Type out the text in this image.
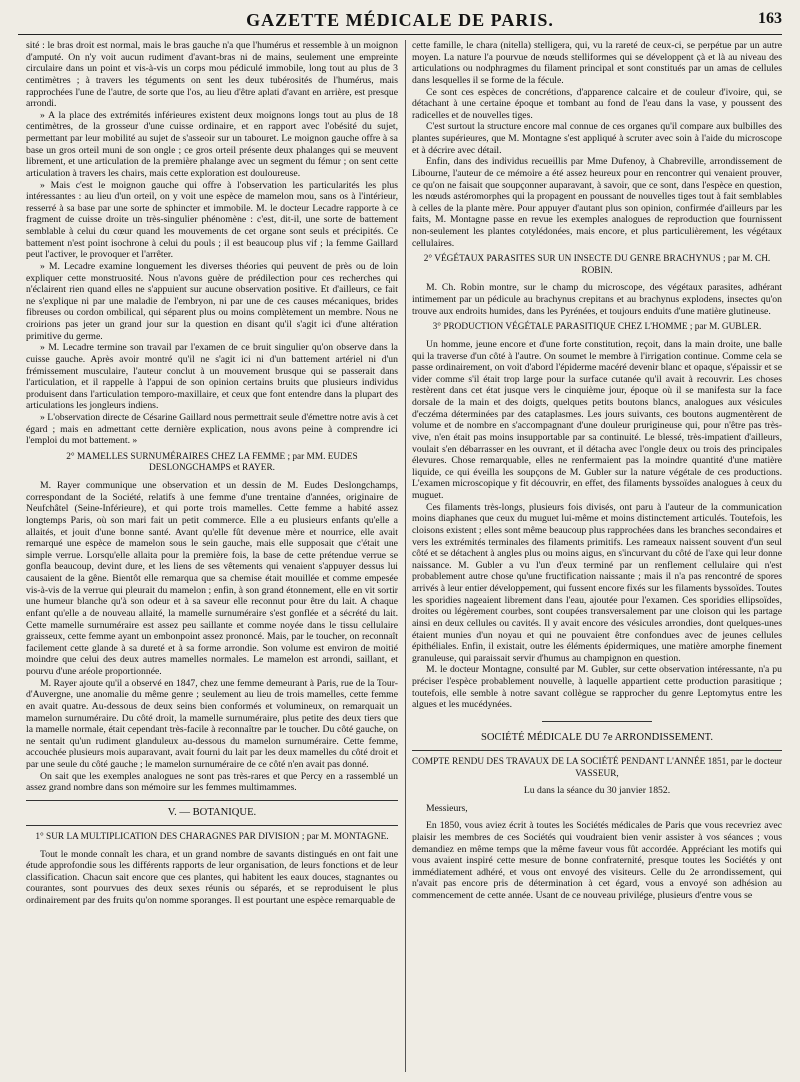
GAZETTE MÉDICALE DE PARIS.	163

sité : le bras droit est normal, mais le bras gauche n'a que l'humérus et ressemble à un moignon d'amputé. On n'y voit aucun rudiment d'avant-bras ni de mains, seulement une empreinte circulaire dans un point et vis-à-vis un corps mou pédiculé immobile, long tout au plus de 3 centimètres ; à travers les téguments on sent les deux tubérosités de l'humérus, mais rapprochées l'une de l'autre, de sorte que l'os, au lieu d'être aplati d'avant en arrière, est presque arrondi.

» A la place des extrémités inférieures existent deux moignons longs tout au plus de 18 centimètres, de la grosseur d'une cuisse ordinaire, et en rapport avec l'obésité du sujet, permettant par leur mobilité au sujet de s'asseoir sur un tabouret. Le moignon gauche offre à sa base un gros orteil muni de son ongle ; ce gros orteil présente deux phalanges qui se meuvent librement, et une articulation de la première phalange avec un segment du fémur ; on sent cette articulation à travers les chairs, mais cette exploration est douloureuse.

» Mais c'est le moignon gauche qui offre à l'observation les particularités les plus intéressantes : au lieu d'un orteil, on y voit une espèce de mamelon mou, sans os à l'intérieur, resserré à sa base par une sorte de sphincter et immobile. M. le docteur Lecadre rapporte à ce fragment de cuisse droite un très-singulier phénomène : c'est, dit-il, une sorte de battement semblable à celui du cœur quand les mouvements de cet organe sont seuls et précipités. Ce battement n'est point isochrone à celui du pouls ; il est beaucoup plus vif ; la femme Gaillard peut l'activer, le provoquer et l'arrêter.

» M. Lecadre examine longuement les diverses théories qui peuvent de près ou de loin expliquer cette monstruosité. Nous n'avons guère de prédilection pour ces recherches qui n'éclairent rien quand elles ne s'appuient sur aucune observation positive. Et d'ailleurs, ce fait ne s'explique ni par une maladie de l'embryon, ni par une de ces causes mécaniques, brides fibreuses ou cordon ombilical, qui séparent plus ou moins complètement un membre. Nous ne croirions pas jeter un grand jour sur la question en disant qu'il s'agit ici d'une altération primitive du germe.

» M. Lecadre termine son travail par l'examen de ce bruit singulier qu'on observe dans la cuisse gauche. Après avoir montré qu'il ne s'agit ici ni d'un battement artériel ni d'un frémissement musculaire, l'auteur conclut à un mouvement brusque qui se passerait dans l'articulation, et il rappelle à l'appui de son opinion certains bruits que plusieurs individus produisent dans l'articulation temporo-maxillaire, et ceux que font entendre dans la plupart des articulations les jongleurs indiens.

» L'observation directe de Césarine Gaillard nous permettrait seule d'émettre notre avis à cet égard ; mais en admettant cette dernière explication, nous avons peine à comprendre ici l'emploi du mot battement. »

2° MAMELLES SURNUMÉRAIRES CHEZ LA FEMME ; par MM. EUDES DESLONGCHAMPS et RAYER.

M. Rayer communique une observation et un dessin de M. Eudes Deslongchamps, correspondant de la Société, relatifs à une femme d'une trentaine d'années, originaire de Neufchâtel (Seine-Inférieure), et qui porte trois mamelles. Cette femme a habité assez longtemps Paris, où son mari fait un petit commerce. Elle a eu plusieurs enfants qu'elle a allaités, et jouit d'une bonne santé. Avant qu'elle fût devenue mère et nourrice, elle avait remarqué une espèce de mamelon sous le sein gauche, mais elle supposait que c'était une simple verrue. Lorsqu'elle allaita pour la première fois, la base de cette prétendue verrue se gonfla beaucoup, devint dure, et les liens de ses vêtements qui venaient s'appuyer dessus lui causaient de la gêne. Bientôt elle remarqua que sa chemise était mouillée et comme empesée vis-à-vis de la verrue qui pleurait du mamelon ; enfin, à son grand étonnement, elle en vit sortir une humeur blanche qu'à son odeur et à sa saveur elle reconnut pour être du lait. A chaque enfant qu'elle a de nouveau allaité, la mamelle surnuméraire s'est gonflée et a sécrété du lait. Cette mamelle surnuméraire est assez peu saillante et comme noyée dans le tissu cellulaire graisseux, cette femme ayant un embonpoint assez prononcé. Mais, par le toucher, on reconnaît facilement cette glande à sa dureté et à sa forme arrondie. Son volume est environ de moitié moindre que celui des deux autres mamelles normales. Le mamelon est arrondi, saillant, et pourvu d'une aréole proportionnée.

M. Rayer ajoute qu'il a observé en 1847, chez une femme demeurant à Paris, rue de la Tour-d'Auvergne, une anomalie du même genre ; seulement au lieu de trois mamelles, cette femme en avait quatre. Au-dessous de deux seins bien conformés et volumineux, on remarquait un mamelon surnuméraire. Du côté droit, la mamelle surnuméraire, plus petite des deux tiers que la mamelle normale, était cependant très-facile à reconnaître par le toucher. Du côté gauche, on ne sentait qu'un rudiment glanduleux au-dessous du mamelon surnuméraire. Cette femme, accouchée plusieurs mois auparavant, avait fourni du lait par les deux mamelles du côté droit et par une seule du côté gauche ; le mamelon surnuméraire de ce côté n'en avait pas donné.

On sait que les exemples analogues ne sont pas très-rares et que Percy en a rassemblé un assez grand nombre dans son mémoire sur les femmes multimammes.

V. — BOTANIQUE.
1° SUR LA MULTIPLICATION DES CHARAGNES PAR DIVISION ; par M. MONTAGNE.

Tout le monde connaît les chara, et un grand nombre de savants distingués en ont fait une étude approfondie sous les différents rapports de leur organisation, de leurs fonctions et de leur classification. Chacun sait encore que ces plantes, qui habitent les eaux douces, stagnantes ou courantes, sont pourvues des deux sexes réunis ou séparés, et se reproduisent le plus ordinairement par des fruits qu'on nomme sporanges. Il est pourtant une espèce remarquable de

cette famille, le chara (nitella) stelligera, qui, vu la rareté de ceux-ci, se perpétue par un autre moyen. La nature l'a pourvue de nœuds stelliformes qui se développent çà et là au niveau des articulations ou nodphragmes du filament principal et sont constitués par un amas de cellules dans lesquelles il se forme de la fécule.

Ce sont ces espèces de concrétions, d'apparence calcaire et de couleur d'ivoire, qui, se détachant à une certaine époque et tombant au fond de l'eau dans la vase, y poussent des radicelles et de nouvelles tiges.

C'est surtout la structure encore mal connue de ces organes qu'il compare aux bulbilles des plantes supérieures, que M. Montagne s'est appliqué à scruter avec soin à l'aide du microscope et à décrire avec détail.

Enfin, dans des individus recueillis par Mme Dufenoy, à Chabreville, arrondissement de Libourne, l'auteur de ce mémoire a été assez heureux pour en rencontrer qui venaient prouver, ce qu'on ne faisait que soupçonner auparavant, à savoir, que ce sont, dans l'espèce en question, les nœuds astéromorphes qui la propagent en poussant de nouvelles tiges tout à fait semblables à celles de la plante mère. Pour appuyer d'autant plus son opinion, confirmée d'ailleurs par les faits, M. Montagne passe en revue les exemples analogues de reproduction que fournissent non-seulement les plantes cotylédonées, mais encore, et plus particulièrement, les végétaux cellulaires.

2° VÉGÉTAUX PARASITES SUR UN INSECTE DU GENRE BRACHYNUS ; par M. CH. ROBIN.

M. Ch. Robin montre, sur le champ du microscope, des végétaux parasites, adhérant intimement par un pédicule au brachynus crepitans et au brachynus explodens, insectes qu'on trouve aux endroits humides, dans les Pyrénées, et toujours enduits d'une matière glutineuse.

3° PRODUCTION VÉGÉTALE PARASITIQUE CHEZ L'HOMME ; par M. GUBLER.

Un homme, jeune encore et d'une forte constitution, reçoit, dans la main droite, une balle qui la traverse d'un côté à l'autre. On soumet le membre à l'irrigation continue. Comme cela se passe ordinairement, on voit d'abord l'épiderme macéré devenir blanc et opaque, s'épaissir et se vider comme s'il était trop large pour la surface cutanée qu'il avait à recouvrir. Les choses restèrent dans cet état jusque vers le cinquième jour, époque où il se manifesta sur la face dorsale de la main et des doigts, quelques petits boutons blancs, analogues aux vésicules d'eczéma déterminées par des cataplasmes. Les jours suivants, ces boutons augmentèrent de volume et de nombre en s'accompagnant d'une douleur prurigineuse qui, pour n'être pas très-vive, n'en était pas moins insupportable par sa continuité. Le blessé, très-impatient d'ailleurs, voulait s'en débarrasser en les ouvrant, et il détacha avec l'ongle deux ou trois des principales élevures. Chose remarquable, elles ne renfermaient pas la moindre quantité d'une matière liquide, ce qui éveilla les soupçons de M. Gubler sur la nature végétale de ces productions. L'examen microscopique y fit découvrir, en effet, des filaments byssoïdes analogues à ceux du muguet.

Ces filaments très-longs, plusieurs fois divisés, ont paru à l'auteur de la communication moins diaphanes que ceux du muguet lui-même et moins distinctement articulés. Toutefois, les cloisons existent ; elles sont même beaucoup plus rapprochées dans les branches secondaires et vers les extrémités terminales des filaments primitifs. Les rameaux naissent souvent d'un seul côté et se détachent à angles plus ou moins aigus, en s'incurvant du côté de l'axe qui leur donne naissance. M. Gubler a vu l'un d'eux terminé par un renflement cellulaire qui n'est probablement autre chose qu'une fructification naissante ; mais il n'a pas rencontré de spores arrivés à leur entier développement, qui fussent encore fixés sur les filaments byssoïdes. Toutes les sporidies nageaient librement dans l'eau, ajoutée pour l'examen. Ces sporidies ellipsoïdes, droites ou légèrement courbes, sont coupées transversalement par une cloison qui les partage ainsi en deux cellules ou cavités. Il y avait encore des vésicules arrondies, dont quelques-unes étaient munies d'un noyau et qui ne pouvaient être confondues avec de jeunes cellules épithéliales. Enfin, il existait, outre les éléments épidermiques, une matière amorphe finement granuleuse, qui paraissait servir d'humus au champignon en question.

M. le docteur Montagne, consulté par M. Gubler, sur cette observation intéressante, n'a pu préciser l'espèce probablement nouvelle, à laquelle appartient cette production parasitique ; toutefois, elle semble à notre savant collègue se rapprocher du genre Leptomytus entre les algues et les mucédynées.

SOCIÉTÉ MÉDICALE DU 7e ARRONDISSEMENT.
COMPTE RENDU DES TRAVAUX DE LA SOCIÉTÉ PENDANT L'ANNÉE 1851, par le docteur VASSEUR,

Lu dans la séance du 30 janvier 1852.

Messieurs,

En 1850, vous aviez écrit à toutes les Sociétés médicales de Paris que vous recevriez avec plaisir les membres de ces Sociétés qui voudraient bien venir assister à vos séances ; vous demandiez en même temps que la même faveur vous fût accordée. Appréciant les motifs qui vous avaient inspiré cette mesure de bonne confraternité, presque toutes les Sociétés y ont immédiatement adhéré, et vous ont envoyé des visiteurs. Celle du 2e arrondissement, qui n'avait pas encore pris de détermination à cet égard, vous a envoyé son adhésion au commencement de cette année. Usant de ce nouveau privilége, plusieurs d'entre vous se
